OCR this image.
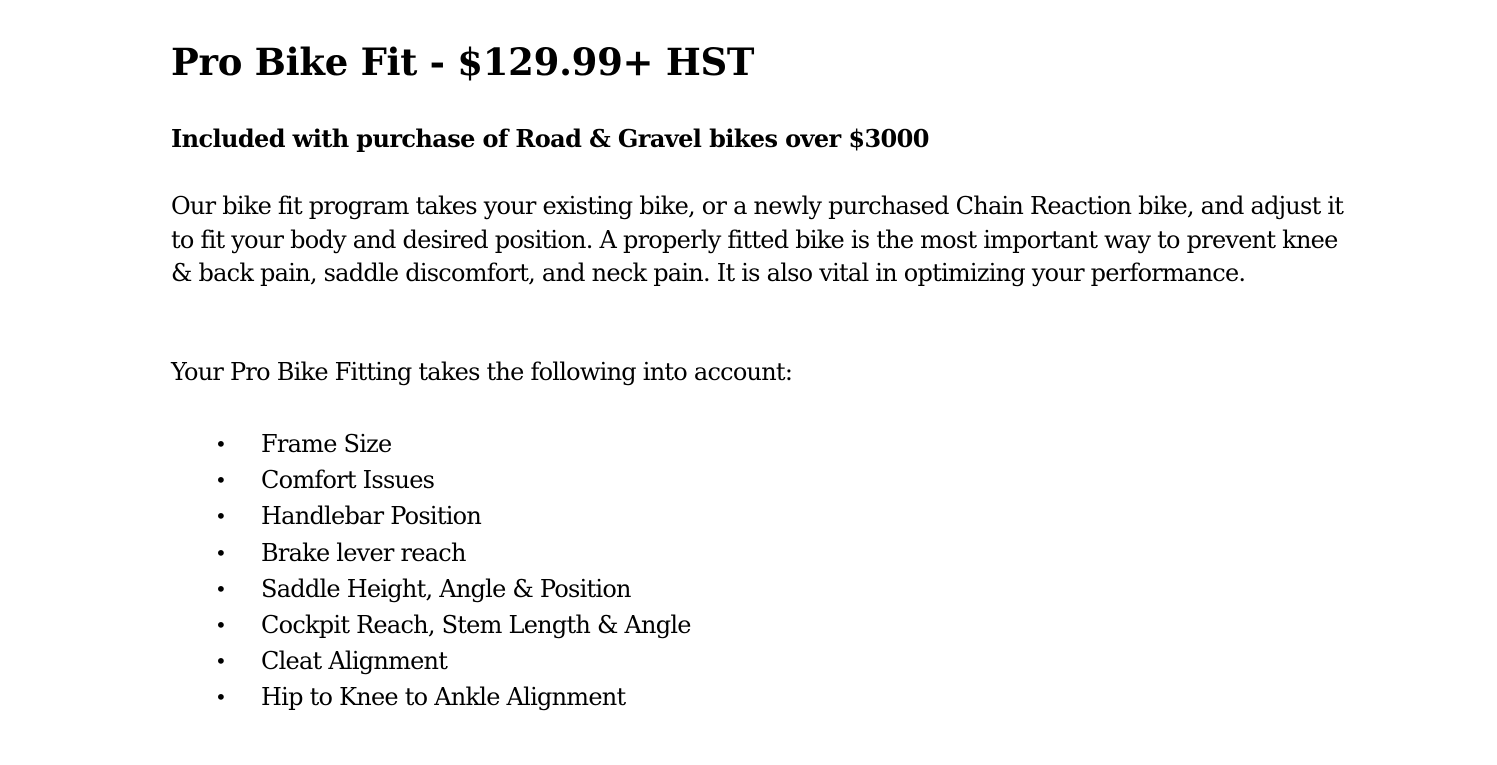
Pro Bike Fit - $129.99+ HST
Included with purchase of Road & Gravel bikes over $3000

Our bike fit program takes your existing bike, or a newly purchased Chain Reaction bike, and adjust it to fit your body and desired position. A properly fitted bike is the most important way to prevent knee & back pain, saddle discomfort, and neck pain. It is also vital in optimizing your performance.

Your Pro Bike Fitting takes the following into account:

• Frame Size
• Comfort Issues
• Handlebar Position
• Brake lever reach
• Saddle Height, Angle & Position
• Cockpit Reach, Stem Length & Angle
• Cleat Alignment
• Hip to Knee to Ankle Alignment
